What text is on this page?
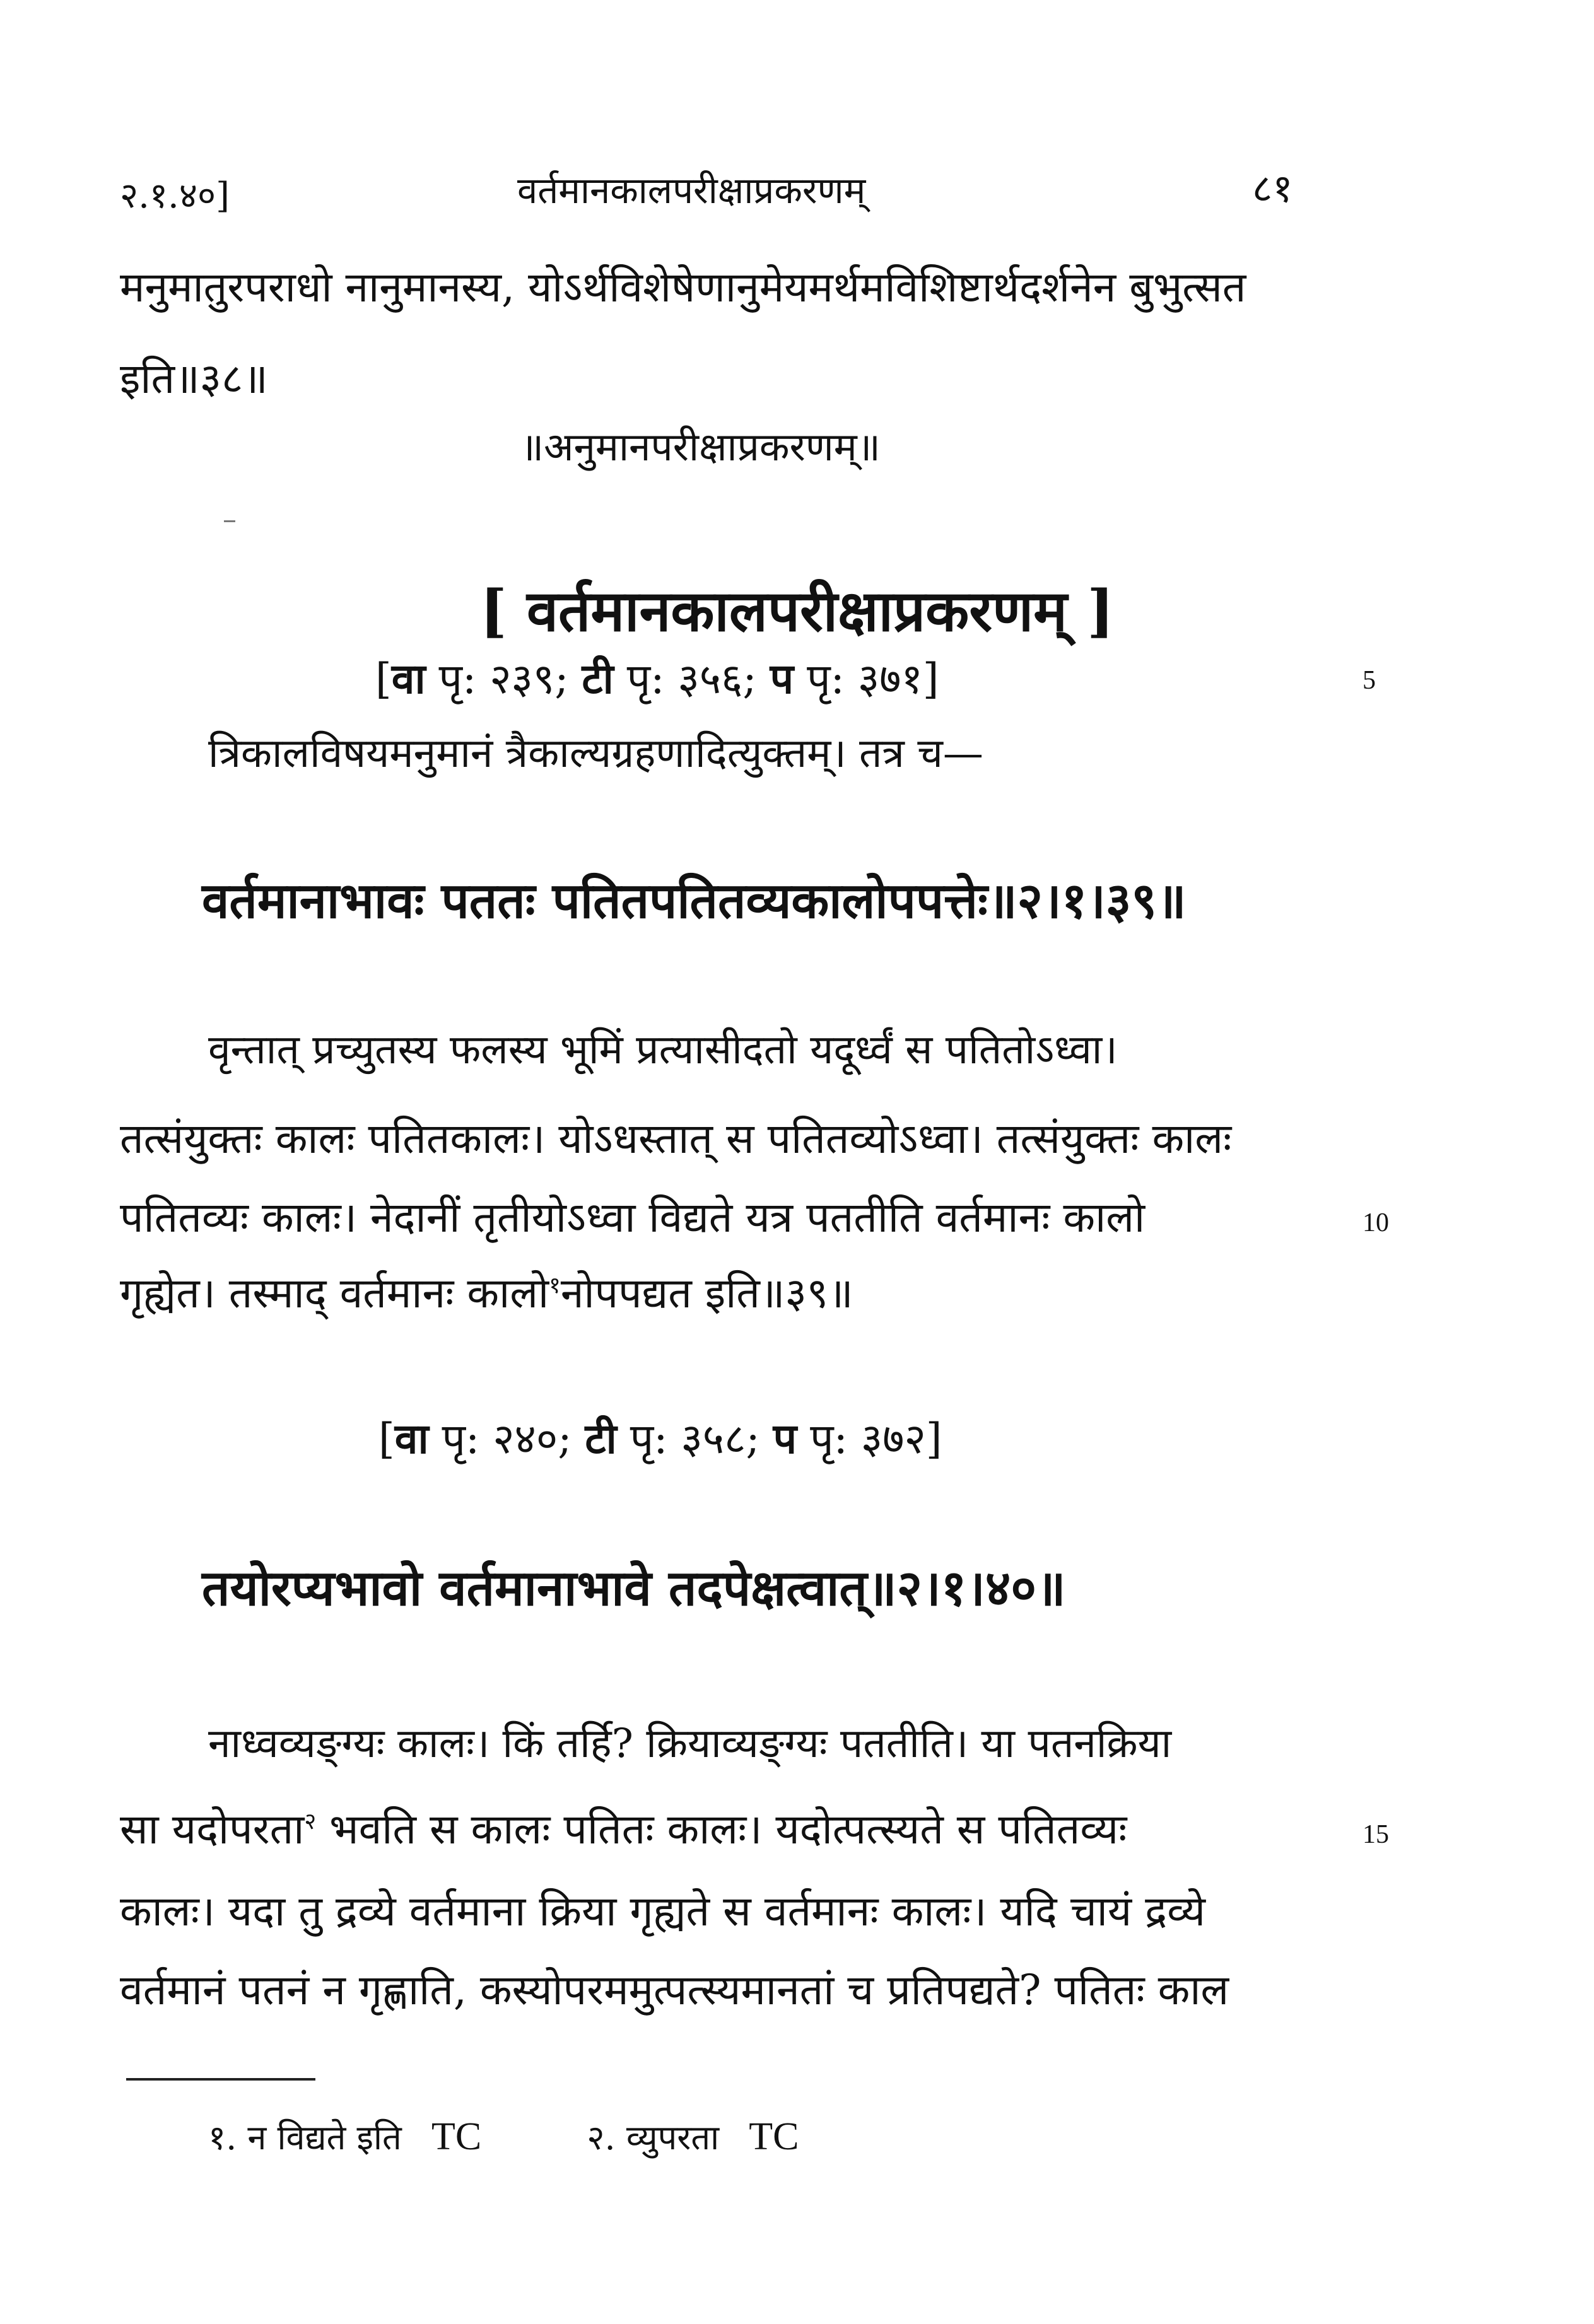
२.१.४०]	वर्तमानकालपरीक्षाप्रकरणम्	८१
मनुमातुरपराधो नानुमानस्य, योऽर्थविशेषेणानुमेयमर्थमविशिष्टार्थदर्शनेन बुभुत्सत
इति॥३८॥
॥अनुमानपरीक्षाप्रकरणम्॥
[ वर्तमानकालपरीक्षाप्रकरणम् ]
[वा पृ: २३९; टी पृ: ३५६; प पृ: ३७१]	5
त्रिकालविषयमनुमानं त्रैकाल्यग्रहणादित्युक्तम्। तत्र च—
वर्तमानाभावः पततः पतितपतितव्यकालोपपत्तेः॥२।१।३९॥
वृन्तात् प्रच्युतस्य फलस्य भूमिं प्रत्यासीदतो यदूर्ध्वं स पतितोऽध्वा।
तत्संयुक्तः कालः पतितकालः। योऽधस्तात् स पतितव्योऽध्वा। तत्संयुक्तः कालः
पतितव्यः कालः। नेदानीं तृतीयोऽध्वा विद्यते यत्र पततीति वर्तमानः कालो	10
गृह्येत। तस्माद् वर्तमानः कालो$^१$नोपपद्यत इति॥३९॥
[वा पृ: २४०; टी पृ: ३५८; प पृ: ३७२]
तयोरप्यभावो वर्तमानाभावे तदपेक्षत्वात्॥२।१।४०॥
नाध्वव्यङ्ग्यः कालः। किं तर्हि? क्रियाव्यङ्ग्यः पततीति। या पतनक्रिया
सा यदोपरता$^२$ भवति स कालः पतितः कालः। यदोत्पत्स्यते स पतितव्यः	15
कालः। यदा तु द्रव्ये वर्तमाना क्रिया गृह्यते स वर्तमानः कालः। यदि चायं द्रव्ये
वर्तमानं पतनं न गृह्णाति, कस्योपरममुत्पत्स्यमानतां च प्रतिपद्यते? पतितः काल
१. न विद्यते इति TC	२. व्युपरता TC
